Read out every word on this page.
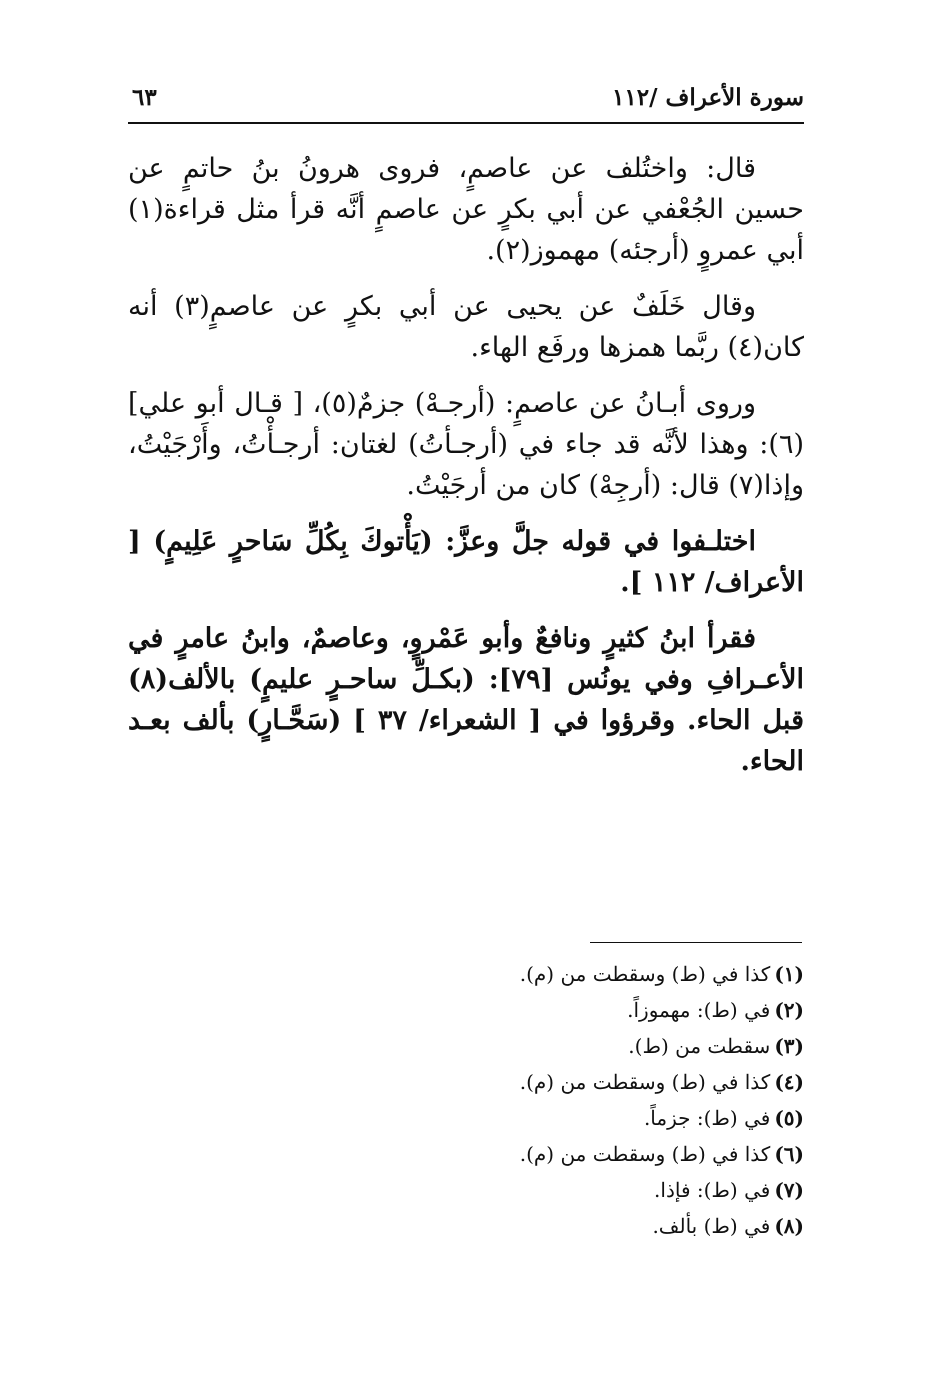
سورة الأعراف /١١٢
٦٣

قال: واختُلف عن عاصمٍ، فروى هرونُ بنُ حاتمٍ عن حسين الجُعْفي عن أبي بكرٍ عن عاصمٍ أنَّه قرأ مثل قراءة(١) أبي عمروٍ (أرجئه) مهموز(٢).

وقال خَلَفٌ عن يحيى عن أبي بكرٍ عن عاصمٍ(٣) أنه كان(٤) ربَّما همزها ورفَع الهاء.

وروى أبـانُ عن عاصمٍ: (أرجـهْ) جزمٌ(٥)، [ قـال أبو علي](٦): وهذا لأنَّه قد جاء في (أرجـأتُ) لغتان: أرجـأْتُ، وأَرْجَيْتُ، وإذا(٧) قال: (أرجِهْ) كان من أرجَيْتُ.

اختلـفوا في قوله جلَّ وعزَّ: (يَأْتوكَ بِكُلِّ سَاحرٍ عَلِيمٍ) [ الأعراف/ ١١٢ ].

فقرأ ابنُ كثيرٍ ونافعٌ وأبو عَمْروٍ، وعاصمٌ، وابنُ عامرٍ في الأعـرافِ وفي يونُس [٧٩]: (بكـلِّ ساحـرٍ عليمٍ) بالألف(٨) قبل الحاء. وقرؤوا في [ الشعراء/ ٣٧ ] (سَحَّـارٍ) بألف بعـد الحاء.

(١)كذا في (ط) وسقطت من (م).
(٢)في (ط): مهموزاً.
(٣)سقطت من (ط).
(٤)كذا في (ط) وسقطت من (م).
(٥)في (ط): جزماً.
(٦)كذا في (ط) وسقطت من (م).
(٧)في (ط): فإذا.
(٨)في (ط) بألف.
